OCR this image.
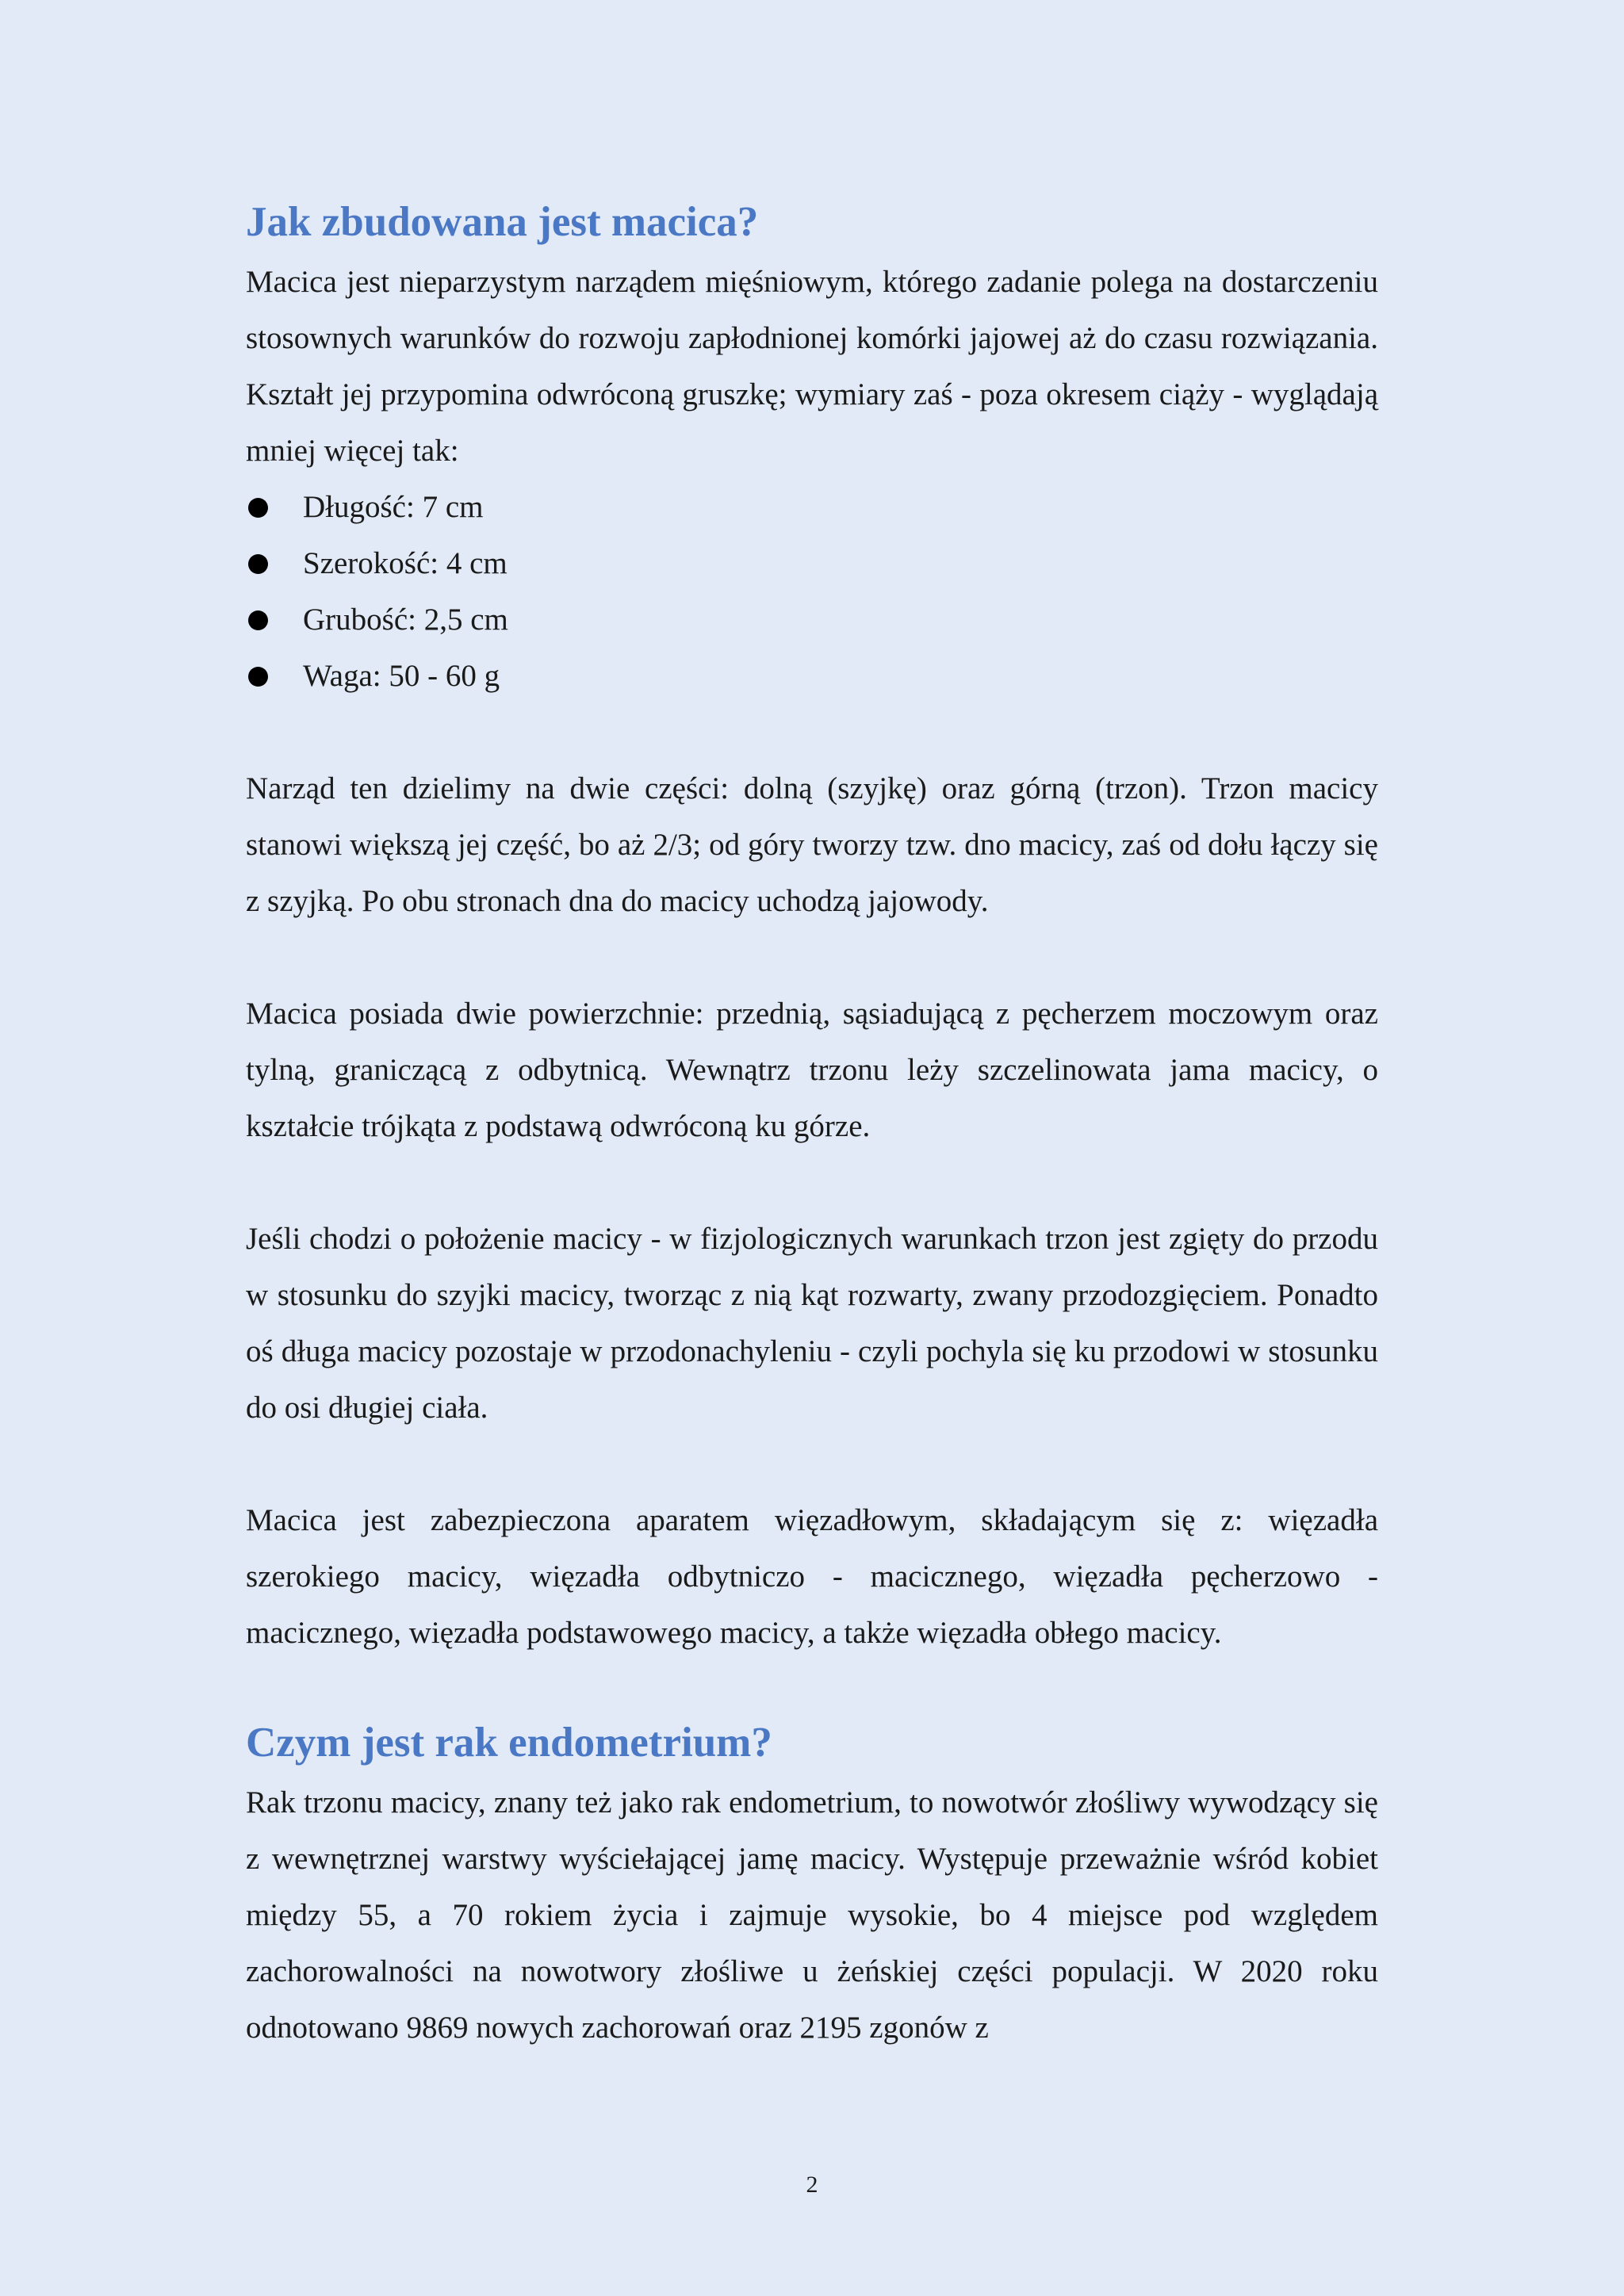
Jak zbudowana jest macica?

Macica jest nieparzystym narządem mięśniowym, którego zadanie polega na dostarczeniu stosownych warunków do rozwoju zapłodnionej komórki jajowej aż do czasu rozwiązania. Kształt jej przypomina odwróconą gruszkę; wymiary zaś - poza okresem ciąży - wyglądają mniej więcej tak:

Długość: 7 cm
Szerokość: 4 cm
Grubość: 2,5 cm
Waga: 50 - 60 g

Narząd ten dzielimy na dwie części: dolną (szyjkę) oraz górną (trzon). Trzon macicy stanowi większą jej część, bo aż 2/3; od góry tworzy tzw. dno macicy, zaś od dołu łączy się z szyjką. Po obu stronach dna do macicy uchodzą jajowody.

Macica posiada dwie powierzchnie: przednią, sąsiadującą z pęcherzem moczowym oraz tylną, graniczącą z odbytnicą. Wewnątrz trzonu leży szczelinowata jama macicy, o kształcie trójkąta z podstawą odwróconą ku górze.

Jeśli chodzi o położenie macicy - w fizjologicznych warunkach trzon jest zgięty do przodu w stosunku do szyjki macicy, tworząc z nią kąt rozwarty, zwany przodozgięciem. Ponadto oś długa macicy pozostaje w przodonachyleniu - czyli pochyla się ku przodowi w stosunku do osi długiej ciała.

Macica jest zabezpieczona aparatem więzadłowym, składającym się z: więzadła szerokiego macicy, więzadła odbytniczo - macicznego, więzadła pęcherzowo - macicznego, więzadła podstawowego macicy, a także więzadła obłego macicy.

Czym jest rak endometrium?

Rak trzonu macicy, znany też jako rak endometrium, to nowotwór złośliwy wywodzący się z wewnętrznej warstwy wyściełającej jamę macicy. Występuje przeważnie wśród kobiet między 55, a 70 rokiem życia i zajmuje wysokie, bo 4 miejsce pod względem zachorowalności na nowotwory złośliwe u żeńskiej części populacji. W 2020 roku odnotowano 9869 nowych zachorowań oraz 2195 zgonów z

2
